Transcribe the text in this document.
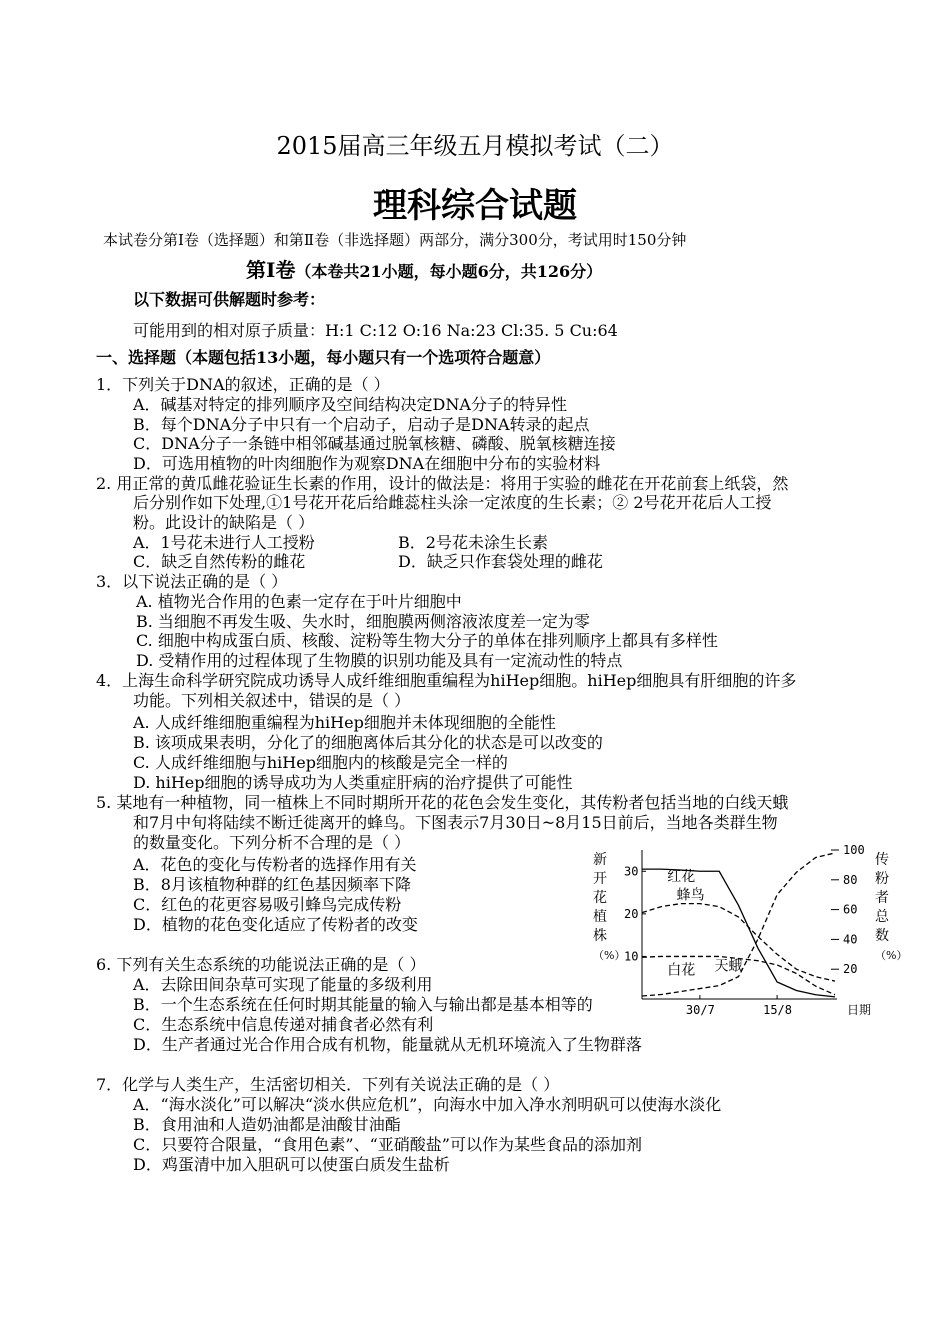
2015届高三年级五月模拟考试（二）
理科综合试题
本试卷分第Ⅰ卷（选择题）和第Ⅱ卷（非选择题）两部分，满分300分，考试用时150分钟
第Ⅰ卷（本卷共21小题，每小题6分，共126分）
以下数据可供解题时参考：
可能用到的相对原子质量：H:1 C:12 O:16 Na:23 Cl:35. 5 Cu:64
一、选择题（本题包括13小题，每小题只有一个选项符合题意）
1．下列关于DNA的叙述，正确的是（ ）
A．碱基对特定的排列顺序及空间结构决定DNA分子的特异性
B．每个DNA分子中只有一个启动子，启动子是DNA转录的起点
C．DNA分子一条链中相邻碱基通过脱氧核糖、磷酸、脱氧核糖连接
D．可选用植物的叶肉细胞作为观察DNA在细胞中分布的实验材料
2. 用正常的黄瓜雌花验证生长素的作用，设计的做法是：将用于实验的雌花在开花前套上纸袋，然
后分别作如下处理,①1号花开花后给雌蕊柱头涂一定浓度的生长素；② 2号花开花后人工授
粉。此设计的缺陷是（ ）
A．1号花未进行人工授粉	B．2号花未涂生长素
C．缺乏自然传粉的雌花	D．缺乏只作套袋处理的雌花
3．以下说法正确的是（ ）
A. 植物光合作用的色素一定存在于叶片细胞中
B. 当细胞不再发生吸、失水时，细胞膜两侧溶液浓度差一定为零
C. 细胞中构成蛋白质、核酸、淀粉等生物大分子的单体在排列顺序上都具有多样性
D. 受精作用的过程体现了生物膜的识别功能及具有一定流动性的特点
4．上海生命科学研究院成功诱导人成纤维细胞重编程为hiHep细胞。hiHep细胞具有肝细胞的许多
功能。下列相关叙述中，错误的是（ ）
A. 人成纤维细胞重编程为hiHep细胞并未体现细胞的全能性
B. 该项成果表明，分化了的细胞离体后其分化的状态是可以改变的
C. 人成纤维细胞与hiHep细胞内的核酸是完全一样的
D. hiHep细胞的诱导成功为人类重症肝病的治疗提供了可能性
5. 某地有一种植物，同一植株上不同时期所开花的花色会发生变化，其传粉者包括当地的白线天蛾
和7月中旬将陆续不断迁徙离开的蜂鸟。下图表示7月30日~8月15日前后，当地各类群生物
的数量变化。下列分析不合理的是（ ）
A．花色的变化与传粉者的选择作用有关
B．8月该植物种群的红色基因频率下降
C．红色的花更容易吸引蜂鸟完成传粉
D．植物的花色变化适应了传粉者的改变
6. 下列有关生态系统的功能说法正确的是（ ）
A．去除田间杂草可实现了能量的多级利用
B．一个生态系统在任何时期其能量的输入与输出都是基本相等的
C．生态系统中信息传递对捕食者必然有利
D．生产者通过光合作用合成有机物，能量就从无机环境流入了生物群落
7．化学与人类生产，生活密切相关．下列有关说法正确的是（ ）
A．“海水淡化”可以解决“淡水供应危机”，向海水中加入净水剂明矾可以使海水淡化
B．食用油和人造奶油都是油酸甘油酯
C．只要符合限量，“食用色素”、“亚硝酸盐”可以作为某些食品的添加剂
D．鸡蛋清中加入胆矾可以使蛋白质发生盐析
新
开
花
植
株
（%）
传
粉
者
总
数
（%）
30
20
10
100
80
60
40
20
30/7	15/8
红花
白花 天蛾
蜂鸟
日期
